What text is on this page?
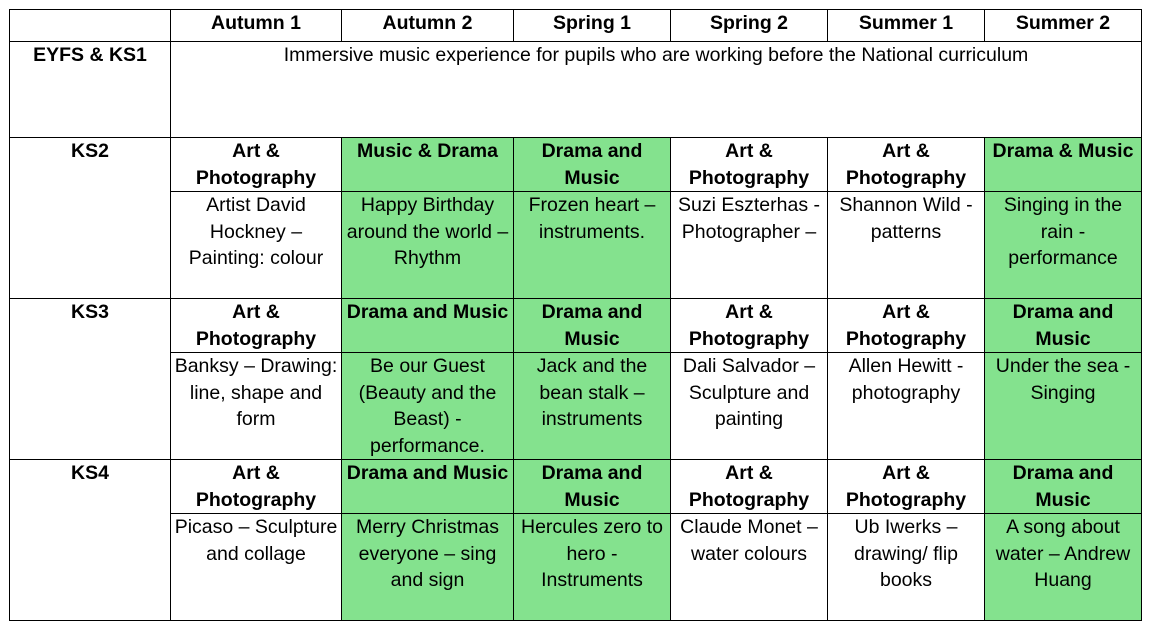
	Autumn 1	Autumn 2	Spring 1	Spring 2	Summer 1	Summer 2
EYFS & KS1	Immersive music experience for pupils who are working before the National curriculum					
KS2	Art & Photography	Music & Drama	Drama and Music	Art & Photography	Art & Photography	Drama & Music
	Artist David Hockney – Painting: colour	Happy Birthday around the world – Rhythm	Frozen heart – instruments.	Suzi Eszterhas - Photographer –	Shannon Wild - patterns	Singing in the rain - performance
KS3	Art & Photography	Drama and Music	Drama and Music	Art & Photography	Art & Photography	Drama and Music
	Banksy – Drawing: line, shape and form	Be our Guest (Beauty and the Beast) - performance.	Jack and the bean stalk – instruments	Dali Salvador – Sculpture and painting	Allen Hewitt - photography	Under the sea - Singing
KS4	Art & Photography	Drama and Music	Drama and Music	Art & Photography	Art & Photography	Drama and Music
	Picaso – Sculpture and collage	Merry Christmas everyone – sing and sign	Hercules zero to hero - Instruments	Claude Monet – water colours	Ub Iwerks – drawing/ flip books	A song about water – Andrew Huang
